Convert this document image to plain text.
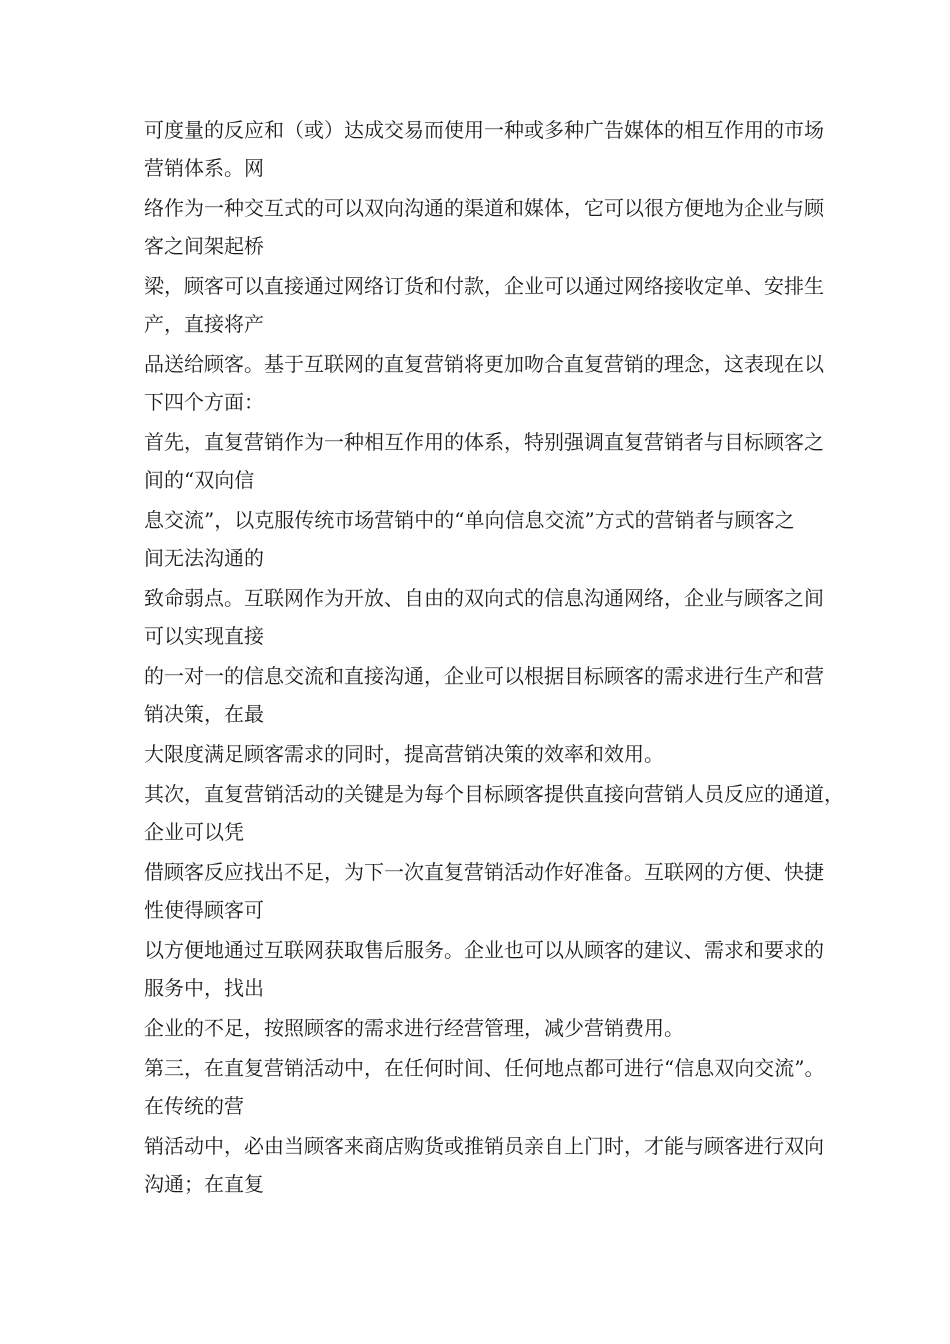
可度量的反应和（或）达成交易而使用一种或多种广告媒体的相互作用的市场
营销体系。网
络作为一种交互式的可以双向沟通的渠道和媒体，它可以很方便地为企业与顾
客之间架起桥
梁，顾客可以直接通过网络订货和付款，企业可以通过网络接收定单、安排生
产，直接将产
品送给顾客。基于互联网的直复营销将更加吻合直复营销的理念，这表现在以
下四个方面：
首先，直复营销作为一种相互作用的体系，特别强调直复营销者与目标顾客之
间的“双向信
息交流”，以克服传统市场营销中的“单向信息交流”方式的营销者与顾客之
间无法沟通的
致命弱点。互联网作为开放、自由的双向式的信息沟通网络，企业与顾客之间
可以实现直接
的一对一的信息交流和直接沟通，企业可以根据目标顾客的需求进行生产和营
销决策，在最
大限度满足顾客需求的同时，提高营销决策的效率和效用。
其次，直复营销活动的关键是为每个目标顾客提供直接向营销人员反应的通道，
企业可以凭
借顾客反应找出不足，为下一次直复营销活动作好准备。互联网的方便、快捷
性使得顾客可
以方便地通过互联网获取售后服务。企业也可以从顾客的建议、需求和要求的
服务中，找出
企业的不足，按照顾客的需求进行经营管理，减少营销费用。
第三，在直复营销活动中，在任何时间、任何地点都可进行“信息双向交流”。
在传统的营
销活动中，必由当顾客来商店购货或推销员亲自上门时，才能与顾客进行双向
沟通；在直复
